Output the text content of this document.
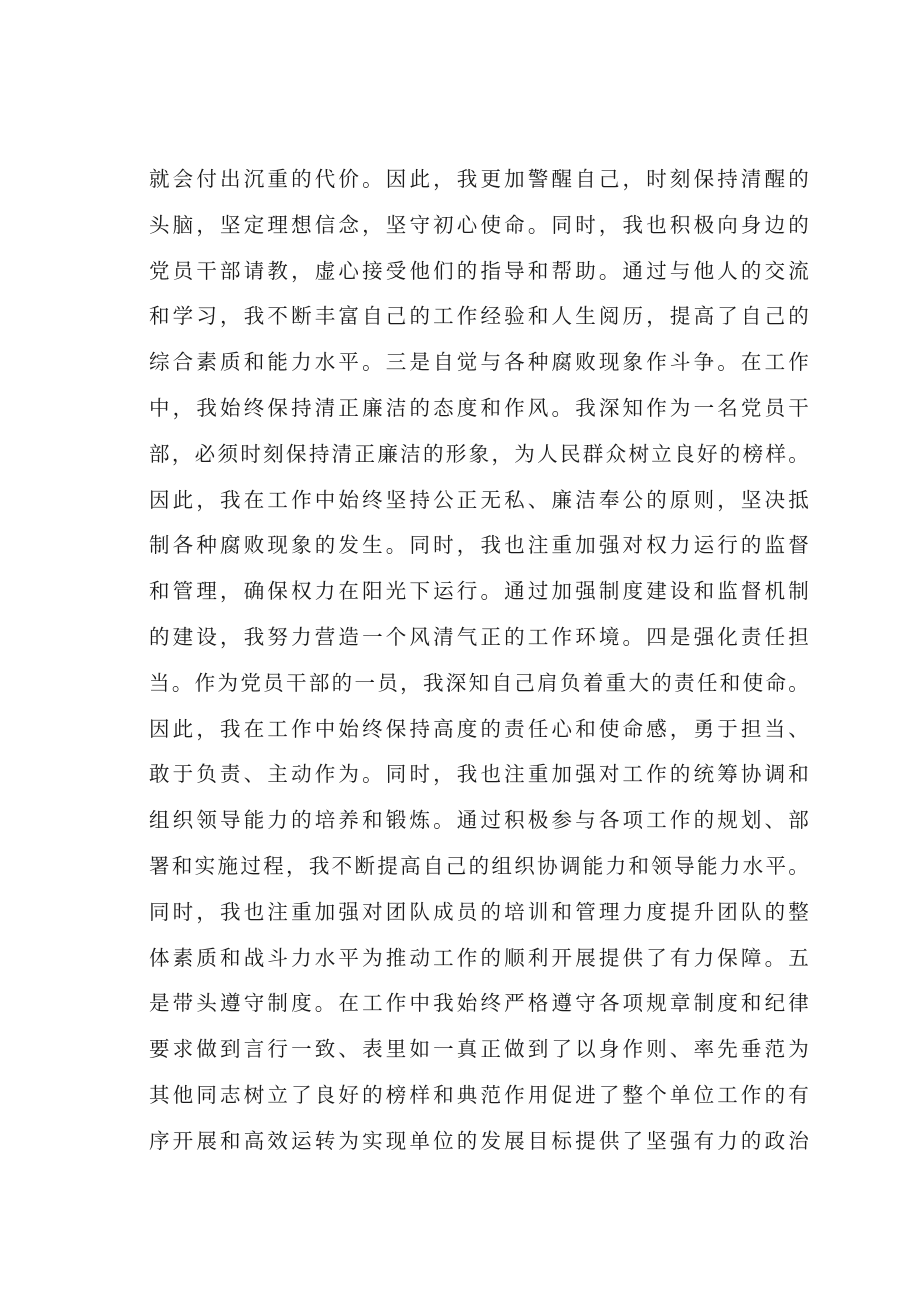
就会付出沉重的代价。因此，我更加警醒自己，时刻保持清醒的
头脑，坚定理想信念，坚守初心使命。同时，我也积极向身边的
党员干部请教，虚心接受他们的指导和帮助。通过与他人的交流
和学习，我不断丰富自己的工作经验和人生阅历，提高了自己的
综合素质和能力水平。三是自觉与各种腐败现象作斗争。在工作
中，我始终保持清正廉洁的态度和作风。我深知作为一名党员干
部，必须时刻保持清正廉洁的形象，为人民群众树立良好的榜样。
因此，我在工作中始终坚持公正无私、廉洁奉公的原则，坚决抵
制各种腐败现象的发生。同时，我也注重加强对权力运行的监督
和管理，确保权力在阳光下运行。通过加强制度建设和监督机制
的建设，我努力营造一个风清气正的工作环境。四是强化责任担
当。作为党员干部的一员，我深知自己肩负着重大的责任和使命。
因此，我在工作中始终保持高度的责任心和使命感，勇于担当、
敢于负责、主动作为。同时，我也注重加强对工作的统筹协调和
组织领导能力的培养和锻炼。通过积极参与各项工作的规划、部
署和实施过程，我不断提高自己的组织协调能力和领导能力水平。
同时，我也注重加强对团队成员的培训和管理力度提升团队的整
体素质和战斗力水平为推动工作的顺利开展提供了有力保障。五
是带头遵守制度。在工作中我始终严格遵守各项规章制度和纪律
要求做到言行一致、表里如一真正做到了以身作则、率先垂范为
其他同志树立了良好的榜样和典范作用促进了整个单位工作的有
序开展和高效运转为实现单位的发展目标提供了坚强有力的政治
